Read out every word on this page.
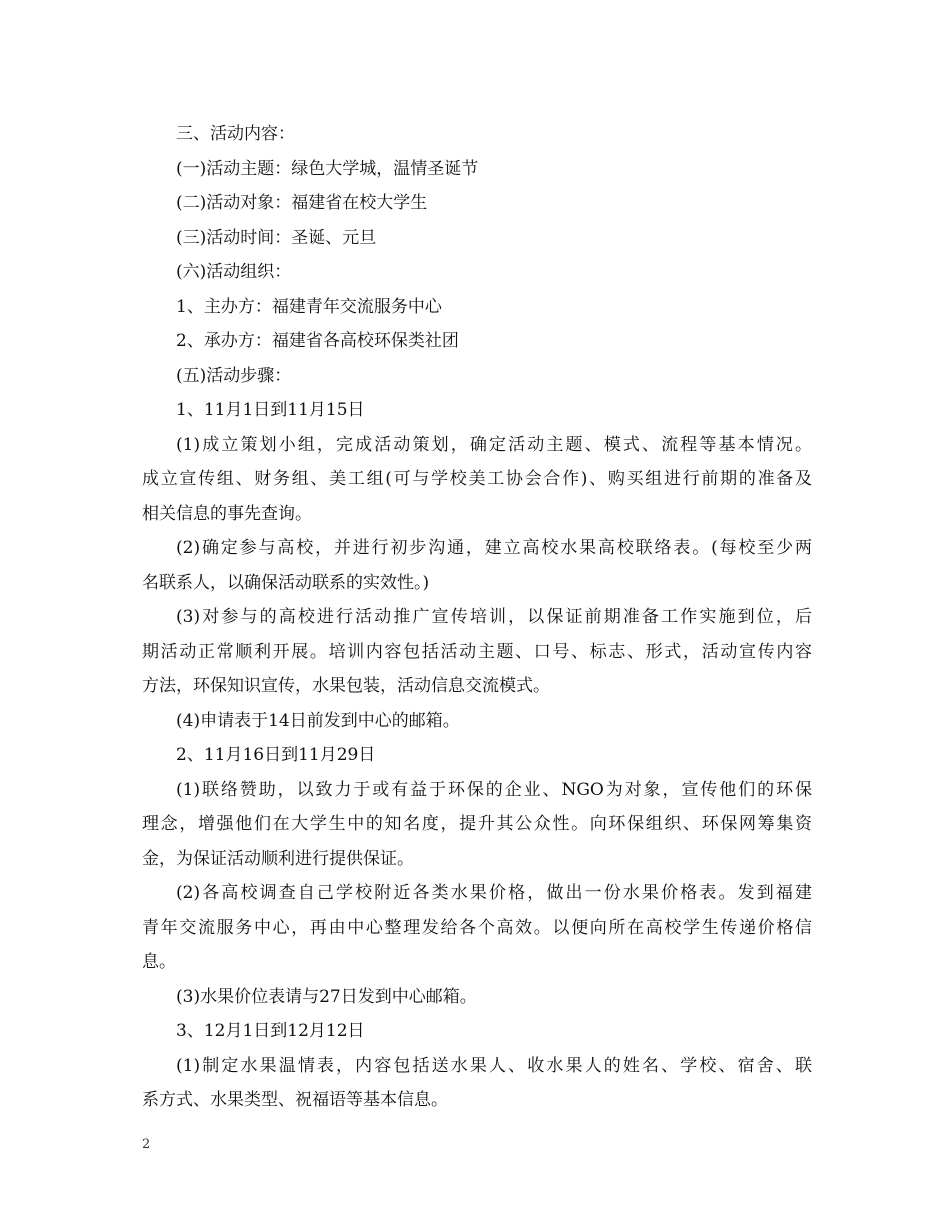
三、活动内容：
(一)活动主题：绿色大学城，温情圣诞节
(二)活动对象：福建省在校大学生
(三)活动时间：圣诞、元旦
(六)活动组织：
1、主办方：福建青年交流服务中心
2、承办方：福建省各高校环保类社团
(五)活动步骤：
1、11月1日到11月15日
(1)成立策划小组，完成活动策划，确定活动主题、模式、流程等基本情况。
成立宣传组、财务组、美工组(可与学校美工协会合作)、购买组进行前期的准备及
相关信息的事先查询。
(2)确定参与高校，并进行初步沟通，建立高校水果高校联络表。(每校至少两
名联系人，以确保活动联系的实效性。)
(3)对参与的高校进行活动推广宣传培训，以保证前期准备工作实施到位，后
期活动正常顺利开展。培训内容包括活动主题、口号、标志、形式，活动宣传内容
方法，环保知识宣传，水果包装，活动信息交流模式。
(4)申请表于14日前发到中心的邮箱。
2、11月16日到11月29日
(1)联络赞助，以致力于或有益于环保的企业、NGO为对象，宣传他们的环保
理念，增强他们在大学生中的知名度，提升其公众性。向环保组织、环保网筹集资
金，为保证活动顺利进行提供保证。
(2)各高校调查自己学校附近各类水果价格，做出一份水果价格表。发到福建
青年交流服务中心，再由中心整理发给各个高效。以便向所在高校学生传递价格信
息。
(3)水果价位表请与27日发到中心邮箱。
3、12月1日到12月12日
(1)制定水果温情表，内容包括送水果人、收水果人的姓名、学校、宿舍、联
系方式、水果类型、祝福语等基本信息。
2
